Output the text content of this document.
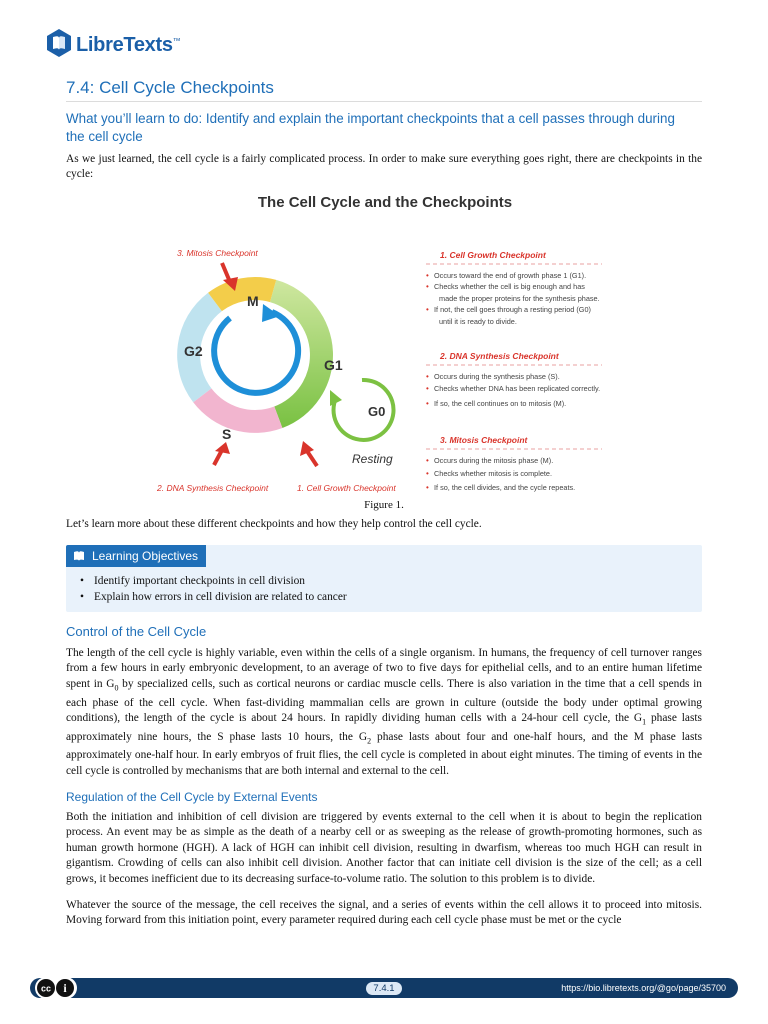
LibreTexts™
7.4: Cell Cycle Checkpoints
What you’ll learn to do: Identify and explain the important checkpoints that a cell passes through during the cell cycle

As we just learned, the cell cycle is a fairly complicated process. In order to make sure everything goes right, there are checkpoints in the cycle:

The Cell Cycle and the Checkpoints
M
G1
G2
S
G0
Resting
3. Mitosis Checkpoint
2. DNA Synthesis Checkpoint	1. Cell Growth Checkpoint
1. Cell Growth Checkpoint
• Occurs toward the end of growth phase 1 (G1).
• Checks whether the cell is big enough and has
made the proper proteins for the synthesis phase.
• If not, the cell goes through a resting period (G0)
until it is ready to divide.
2. DNA Synthesis Checkpoint
• Occurs during the synthesis phase (S).
• Checks whether DNA has been replicated correctly.
• If so, the cell continues on to mitosis (M).
3. Mitosis Checkpoint
• Occurs during the mitosis phase (M).
• Checks whether mitosis is complete.
• If so, the cell divides, and the cycle repeats.
Figure 1.

Let’s learn more about these different checkpoints and how they help control the cell cycle.

Learning Objectives
• Identify important checkpoints in cell division
• Explain how errors in cell division are related to cancer
Control of the Cell Cycle

The length of the cell cycle is highly variable, even within the cells of a single organism. In humans, the frequency of cell turnover ranges from a few hours in early embryonic development, to an average of two to five days for epithelial cells, and to an entire human lifetime spent in $G_0$ by specialized cells, such as cortical neurons or cardiac muscle cells. There is also variation in the time that a cell spends in each phase of the cell cycle. When fast-dividing mammalian cells are grown in culture (outside the body under optimal growing conditions), the length of the cycle is about 24 hours. In rapidly dividing human cells with a 24-hour cell cycle, the $G_1$ phase lasts approximately nine hours, the S phase lasts 10 hours, the $G_2$ phase lasts about four and one-half hours, and the M phase lasts approximately one-half hour. In early embryos of fruit flies, the cell cycle is completed in about eight minutes. The timing of events in the cell cycle is controlled by mechanisms that are both internal and external to the cell.

Regulation of the Cell Cycle by External Events

Both the initiation and inhibition of cell division are triggered by events external to the cell when it is about to begin the replication process. An event may be as simple as the death of a nearby cell or as sweeping as the release of growth-promoting hormones, such as human growth hormone (HGH). A lack of HGH can inhibit cell division, resulting in dwarfism, whereas too much HGH can result in gigantism. Crowding of cells can also inhibit cell division. Another factor that can initiate cell division is the size of the cell; as a cell grows, it becomes inefficient due to its decreasing surface-to-volume ratio. The solution to this problem is to divide.

Whatever the source of the message, the cell receives the signal, and a series of events within the cell allows it to proceed into mitosis. Moving forward from this initiation point, every parameter required during each cell cycle phase must be met or the cycle

cc i	7.4.1	https://bio.libretexts.org/@go/page/35700
